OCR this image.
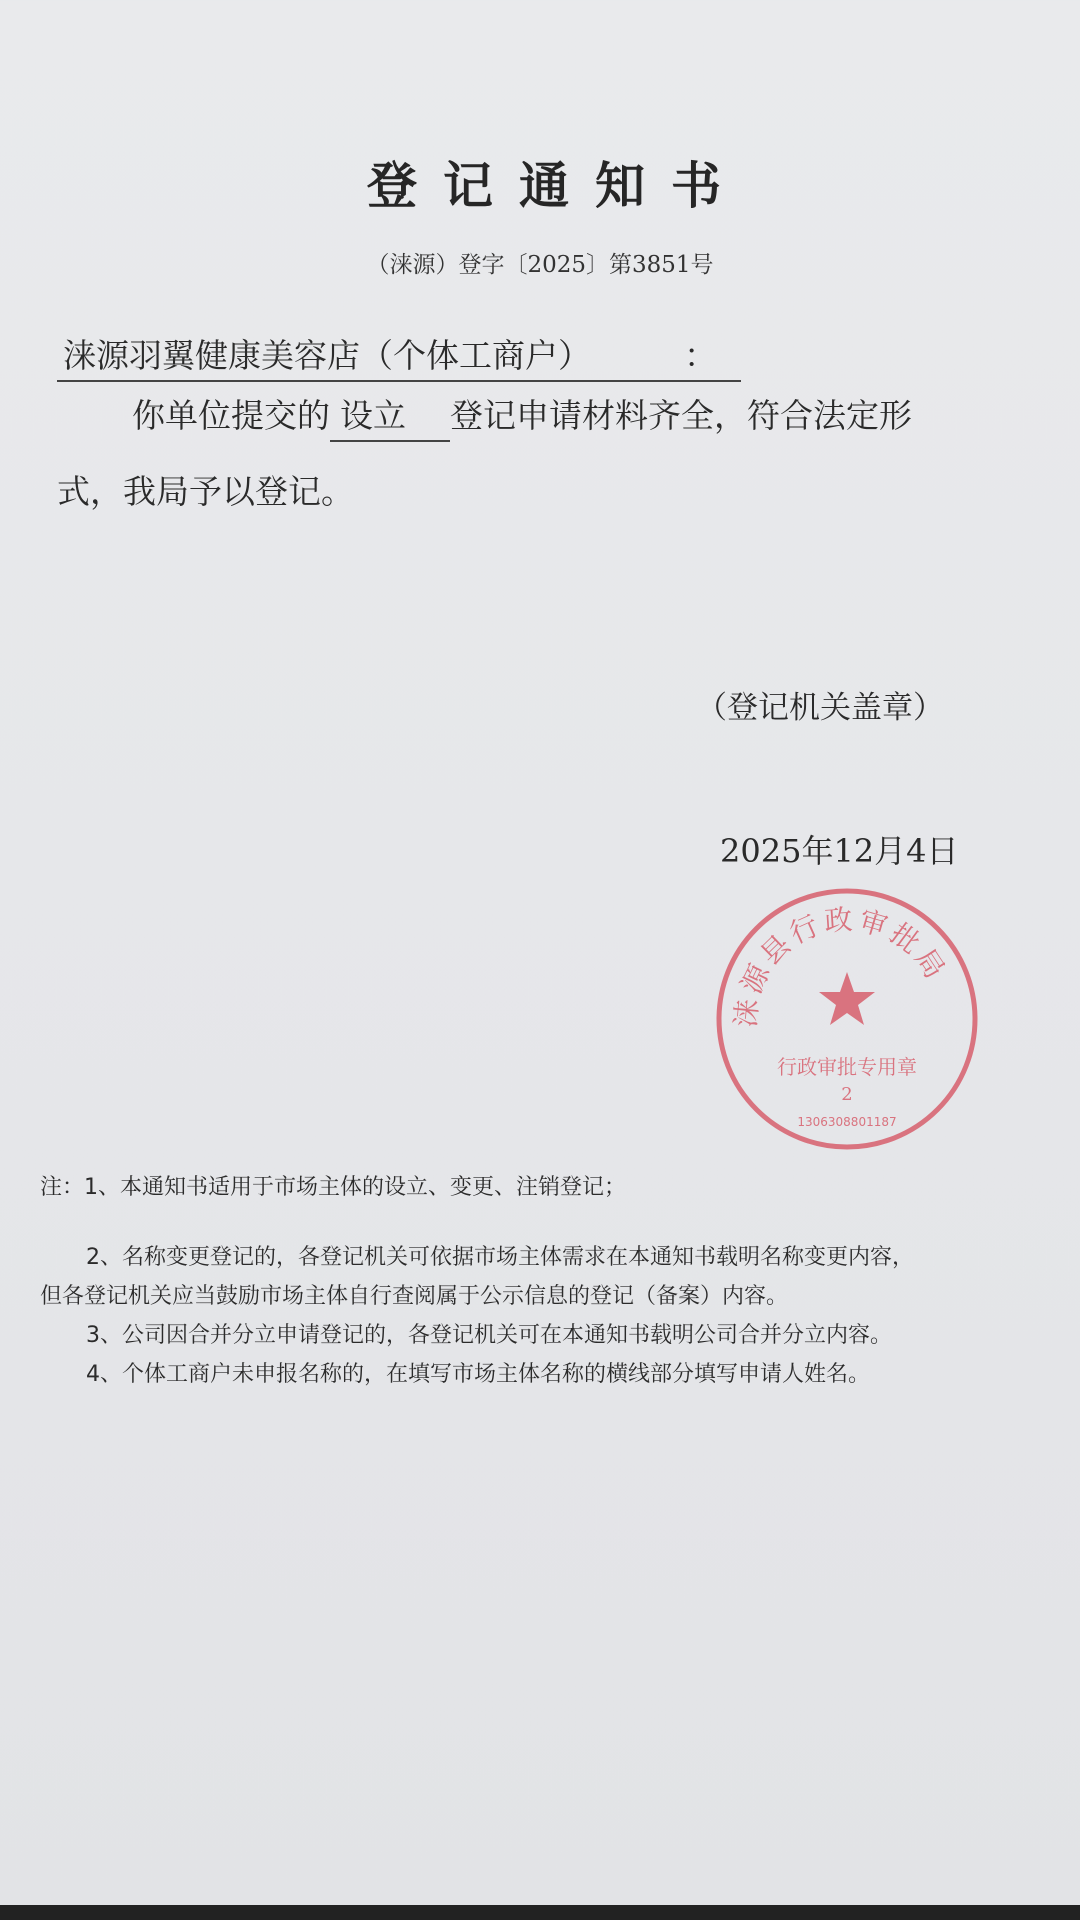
登记通知书
（涞源）登字〔2025〕第3851号
涞源羽翼健康美容店（个体工商户）	：
你单位提交的 设立 登记申请材料齐全，符合法定形
式，我局予以登记。
涞源县行政审批局
行政审批专用章
2
1306308801187
（登记机关盖章）
2025年12月4日
注：1、本通知书适用于市场主体的设立、变更、注销登记；
2、名称变更登记的，各登记机关可依据市场主体需求在本通知书载明名称变更内容，
但各登记机关应当鼓励市场主体自行查阅属于公示信息的登记（备案）内容。
3、公司因合并分立申请登记的，各登记机关可在本通知书载明公司合并分立内容。
4、个体工商户未申报名称的，在填写市场主体名称的横线部分填写申请人姓名。
